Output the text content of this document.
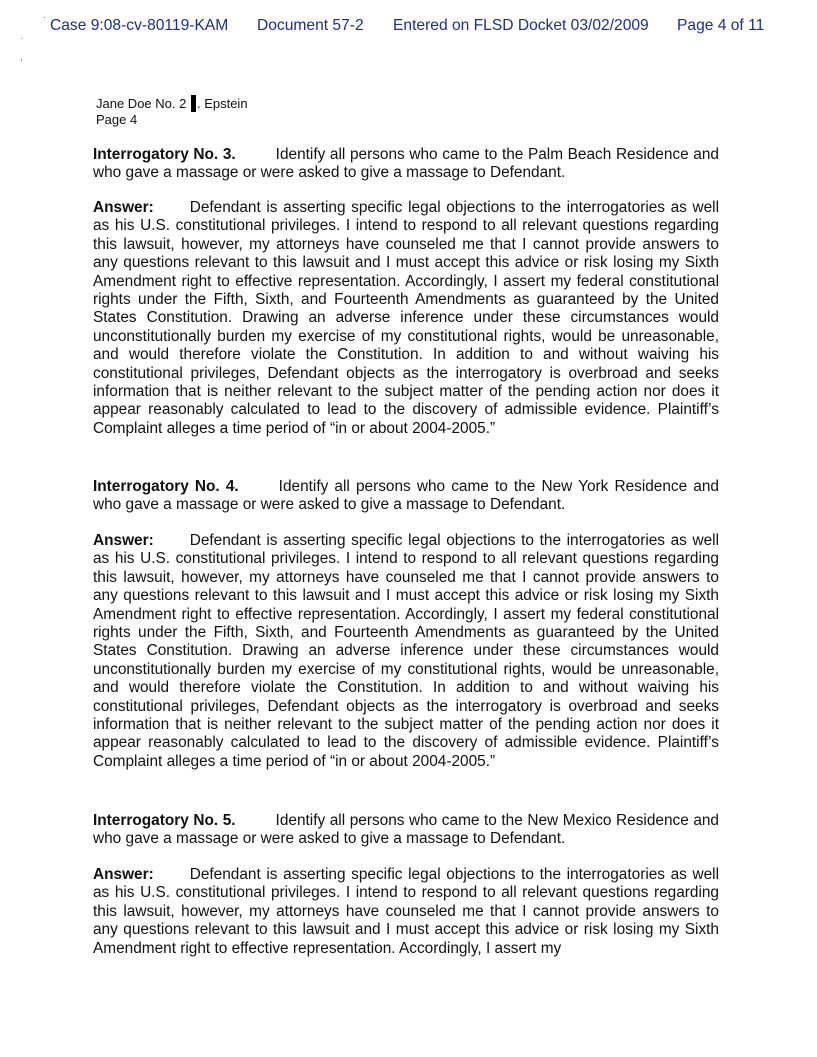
Case 9:08-cv-80119-KAM Document 57-2 Entered on FLSD Docket 03/02/2009 Page 4 of 11
·
·
,
Jane Doe No. 2 . Epstein
Page 4
Interrogatory No. 3.	Identify all persons who came to the Palm Beach Residence and who gave a massage or were asked to give a massage to Defendant.
Answer: Defendant is asserting specific legal objections to the interrogatories as well as his U.S. constitutional privileges. I intend to respond to all relevant questions regarding this lawsuit, however, my attorneys have counseled me that I cannot provide answers to any questions relevant to this lawsuit and I must accept this advice or risk losing my Sixth Amendment right to effective representation. Accordingly, I assert my federal constitutional rights under the Fifth, Sixth, and Fourteenth Amendments as guaranteed by the United States Constitution. Drawing an adverse inference under these circumstances would unconstitutionally burden my exercise of my constitutional rights, would be unreasonable, and would therefore violate the Constitution. In addition to and without waiving his constitutional privileges, Defendant objects as the interrogatory is overbroad and seeks information that is neither relevant to the subject matter of the pending action nor does it appear reasonably calculated to lead to the discovery of admissible evidence. Plaintiff’s Complaint alleges a time period of “in or about 2004-2005.”
Interrogatory No. 4.	Identify all persons who came to the New York Residence and who gave a massage or were asked to give a massage to Defendant.
Answer: Defendant is asserting specific legal objections to the interrogatories as well as his U.S. constitutional privileges. I intend to respond to all relevant questions regarding this lawsuit, however, my attorneys have counseled me that I cannot provide answers to any questions relevant to this lawsuit and I must accept this advice or risk losing my Sixth Amendment right to effective representation. Accordingly, I assert my federal constitutional rights under the Fifth, Sixth, and Fourteenth Amendments as guaranteed by the United States Constitution. Drawing an adverse inference under these circumstances would unconstitutionally burden my exercise of my constitutional rights, would be unreasonable, and would therefore violate the Constitution. In addition to and without waiving his constitutional privileges, Defendant objects as the interrogatory is overbroad and seeks information that is neither relevant to the subject matter of the pending action nor does it appear reasonably calculated to lead to the discovery of admissible evidence. Plaintiff’s Complaint alleges a time period of “in or about 2004-2005.”
Interrogatory No. 5.	Identify all persons who came to the New Mexico Residence and who gave a massage or were asked to give a massage to Defendant.
Answer: Defendant is asserting specific legal objections to the interrogatories as well as his U.S. constitutional privileges. I intend to respond to all relevant questions regarding this lawsuit, however, my attorneys have counseled me that I cannot provide answers to any questions relevant to this lawsuit and I must accept this advice or risk losing my Sixth Amendment right to effective representation. Accordingly, I assert my
